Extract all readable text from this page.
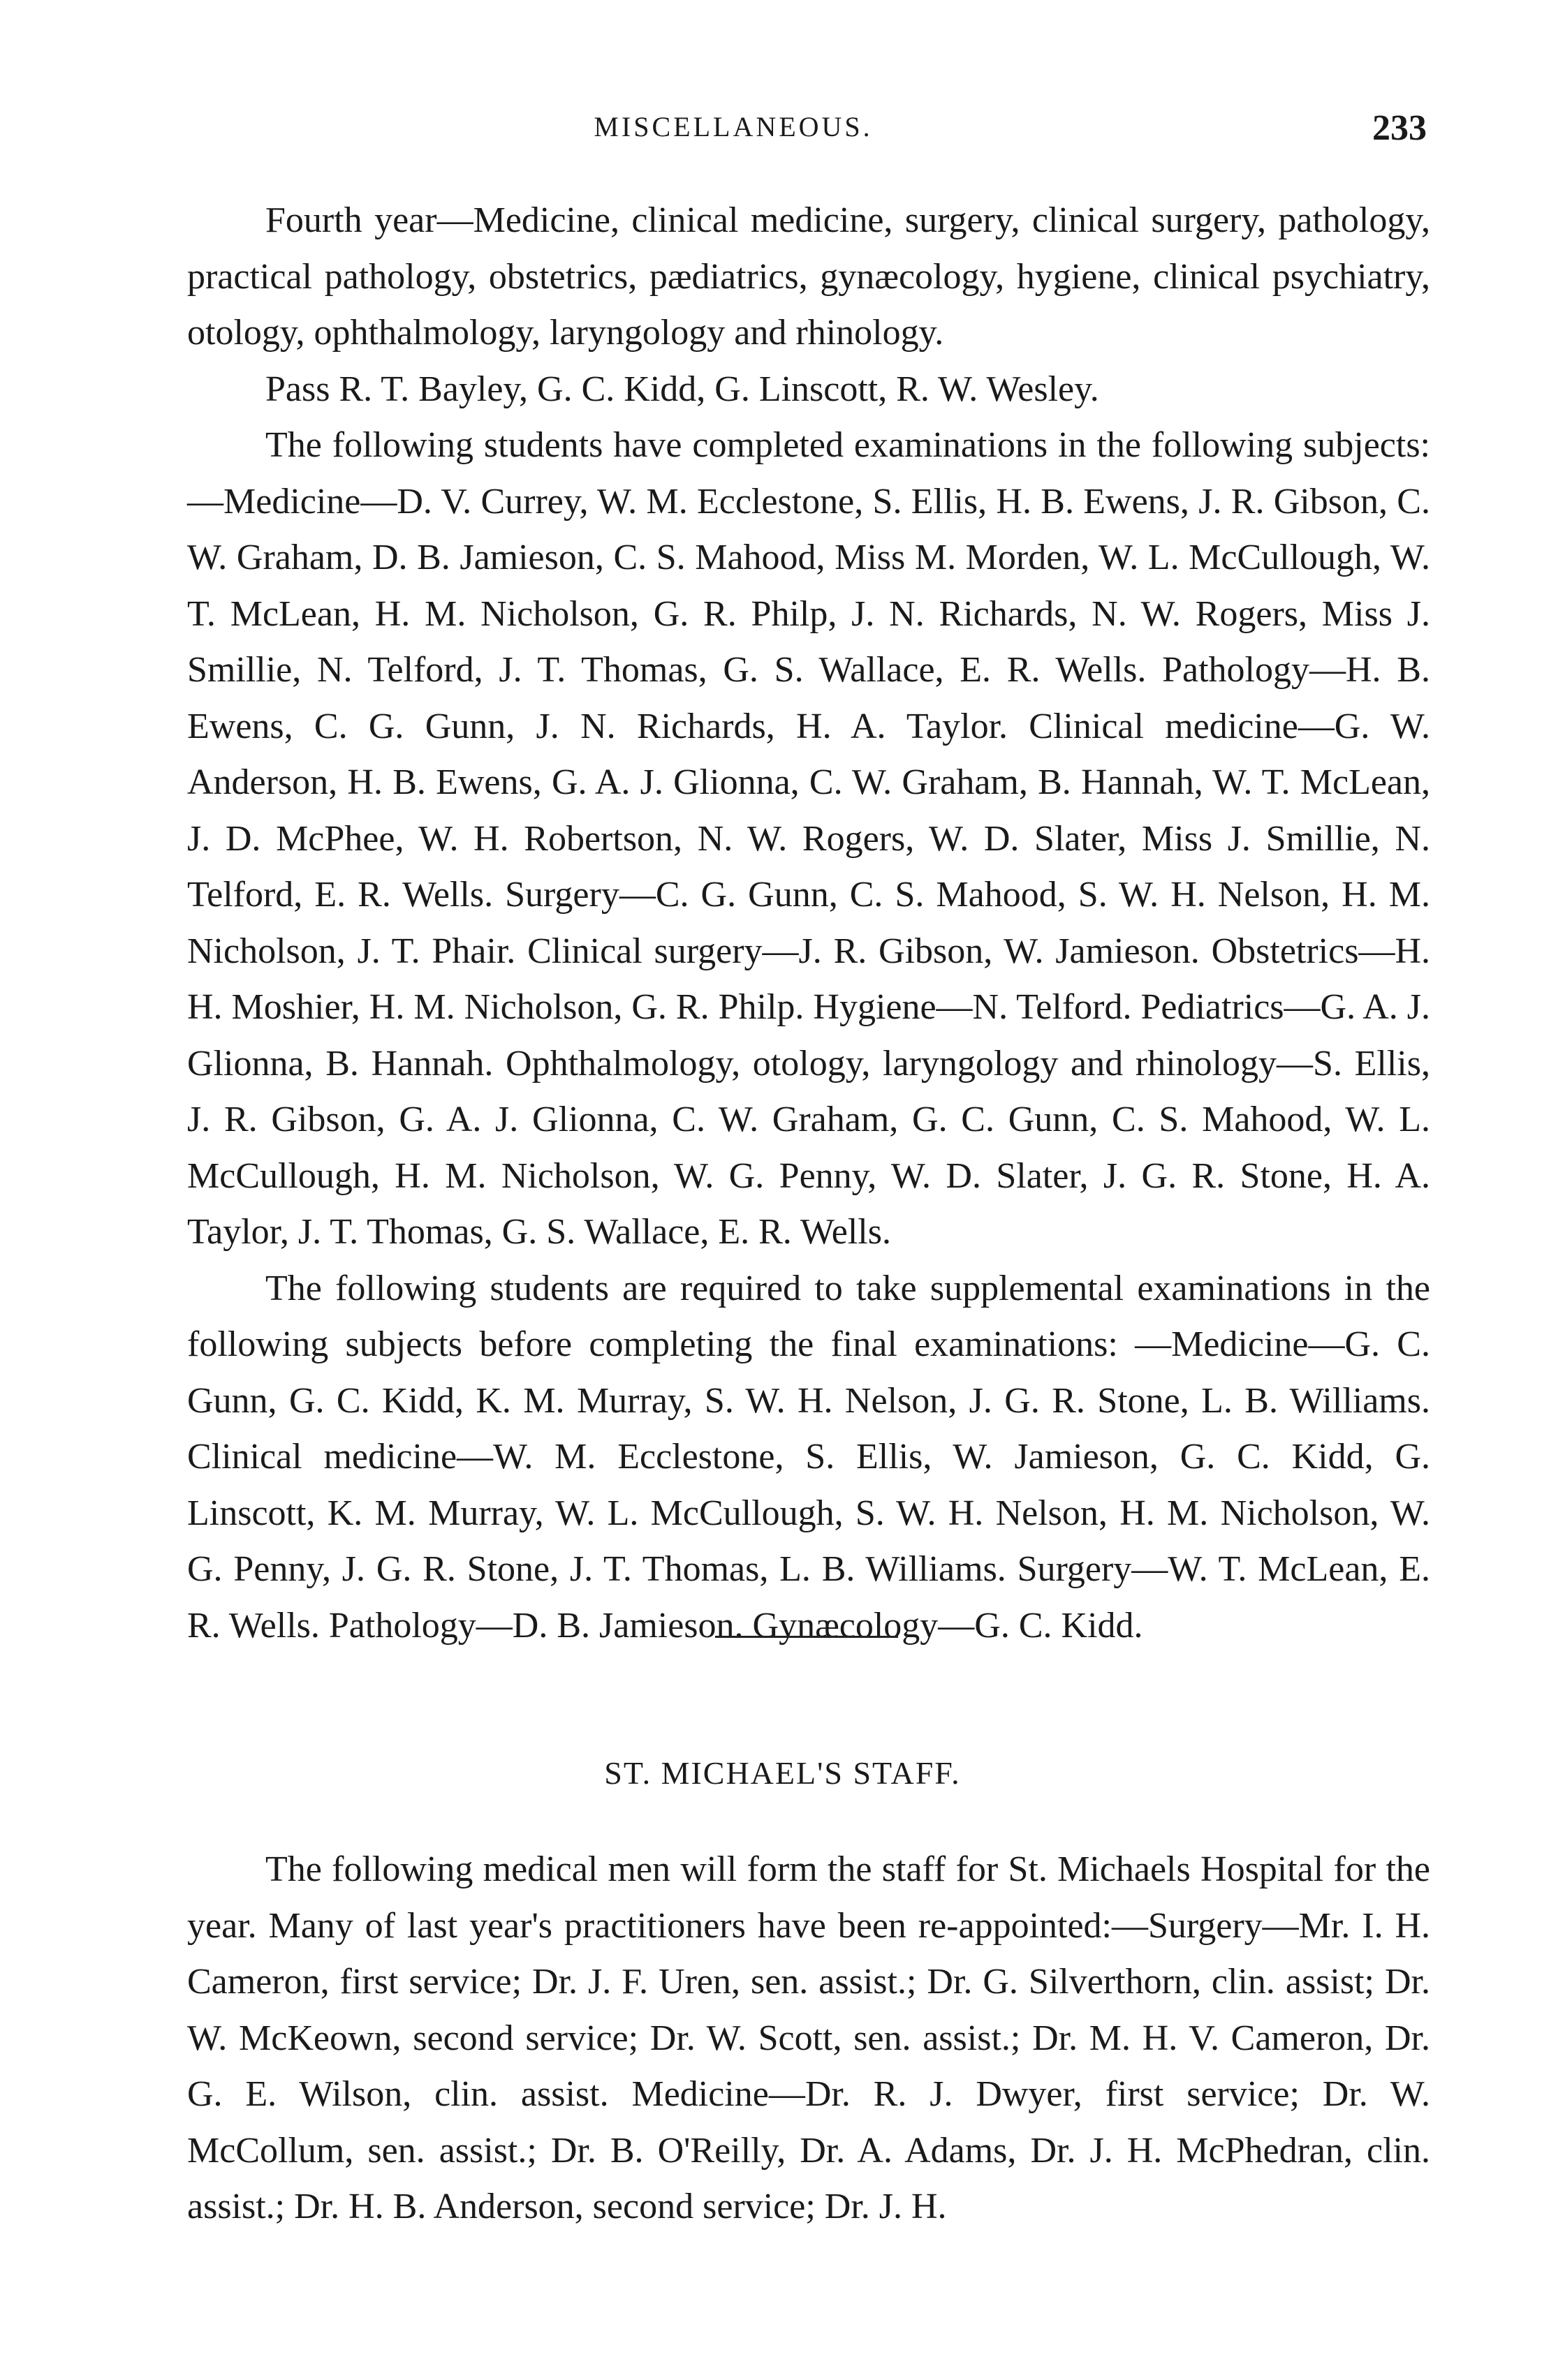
MISCELLANEOUS.	233

Fourth year—Medicine, clinical medicine, surgery, clinical surgery, pathology, practical pathology, obstetrics, pædiatrics, gynæcology, hygiene, clinical psychiatry, otology, ophthalmology, laryngology and rhinology.

Pass R. T. Bayley, G. C. Kidd, G. Linscott, R. W. Wesley.

The following students have completed examinations in the following subjects:—Medicine—D. V. Currey, W. M. Ecclestone, S. Ellis, H. B. Ewens, J. R. Gibson, C. W. Graham, D. B. Jamieson, C. S. Mahood, Miss M. Morden, W. L. McCullough, W. T. McLean, H. M. Nicholson, G. R. Philp, J. N. Richards, N. W. Rogers, Miss J. Smillie, N. Telford, J. T. Thomas, G. S. Wallace, E. R. Wells. Pathology—H. B. Ewens, C. G. Gunn, J. N. Richards, H. A. Taylor. Clinical medicine—G. W. Anderson, H. B. Ewens, G. A. J. Glionna, C. W. Graham, B. Hannah, W. T. McLean, J. D. McPhee, W. H. Robertson, N. W. Rogers, W. D. Slater, Miss J. Smillie, N. Telford, E. R. Wells. Surgery—C. G. Gunn, C. S. Mahood, S. W. H. Nelson, H. M. Nicholson, J. T. Phair. Clinical surgery—J. R. Gibson, W. Jamieson. Obstetrics—H. H. Moshier, H. M. Nicholson, G. R. Philp. Hygiene—N. Telford. Pediatrics—G. A. J. Glionna, B. Hannah. Ophthalmology, otology, laryngology and rhinology—S. Ellis, J. R. Gibson, G. A. J. Glionna, C. W. Graham, G. C. Gunn, C. S. Mahood, W. L. McCullough, H. M. Nicholson, W. G. Penny, W. D. Slater, J. G. R. Stone, H. A. Taylor, J. T. Thomas, G. S. Wallace, E. R. Wells.

The following students are required to take supplemental examinations in the following subjects before completing the final examinations: —Medicine—G. C. Gunn, G. C. Kidd, K. M. Murray, S. W. H. Nelson, J. G. R. Stone, L. B. Williams. Clinical medicine—W. M. Ecclestone, S. Ellis, W. Jamieson, G. C. Kidd, G. Linscott, K. M. Murray, W. L. McCullough, S. W. H. Nelson, H. M. Nicholson, W. G. Penny, J. G. R. Stone, J. T. Thomas, L. B. Williams. Surgery—W. T. McLean, E. R. Wells. Pathology—D. B. Jamieson. Gynæcology—G. C. Kidd.

ST. MICHAEL'S STAFF.

The following medical men will form the staff for St. Michaels Hospital for the year. Many of last year's practitioners have been re-appointed:—Surgery—Mr. I. H. Cameron, first service; Dr. J. F. Uren, sen. assist.; Dr. G. Silverthorn, clin. assist; Dr. W. McKeown, second service; Dr. W. Scott, sen. assist.; Dr. M. H. V. Cameron, Dr. G. E. Wilson, clin. assist. Medicine—Dr. R. J. Dwyer, first service; Dr. W. McCollum, sen. assist.; Dr. B. O'Reilly, Dr. A. Adams, Dr. J. H. McPhedran, clin. assist.; Dr. H. B. Anderson, second service; Dr. J. H.
